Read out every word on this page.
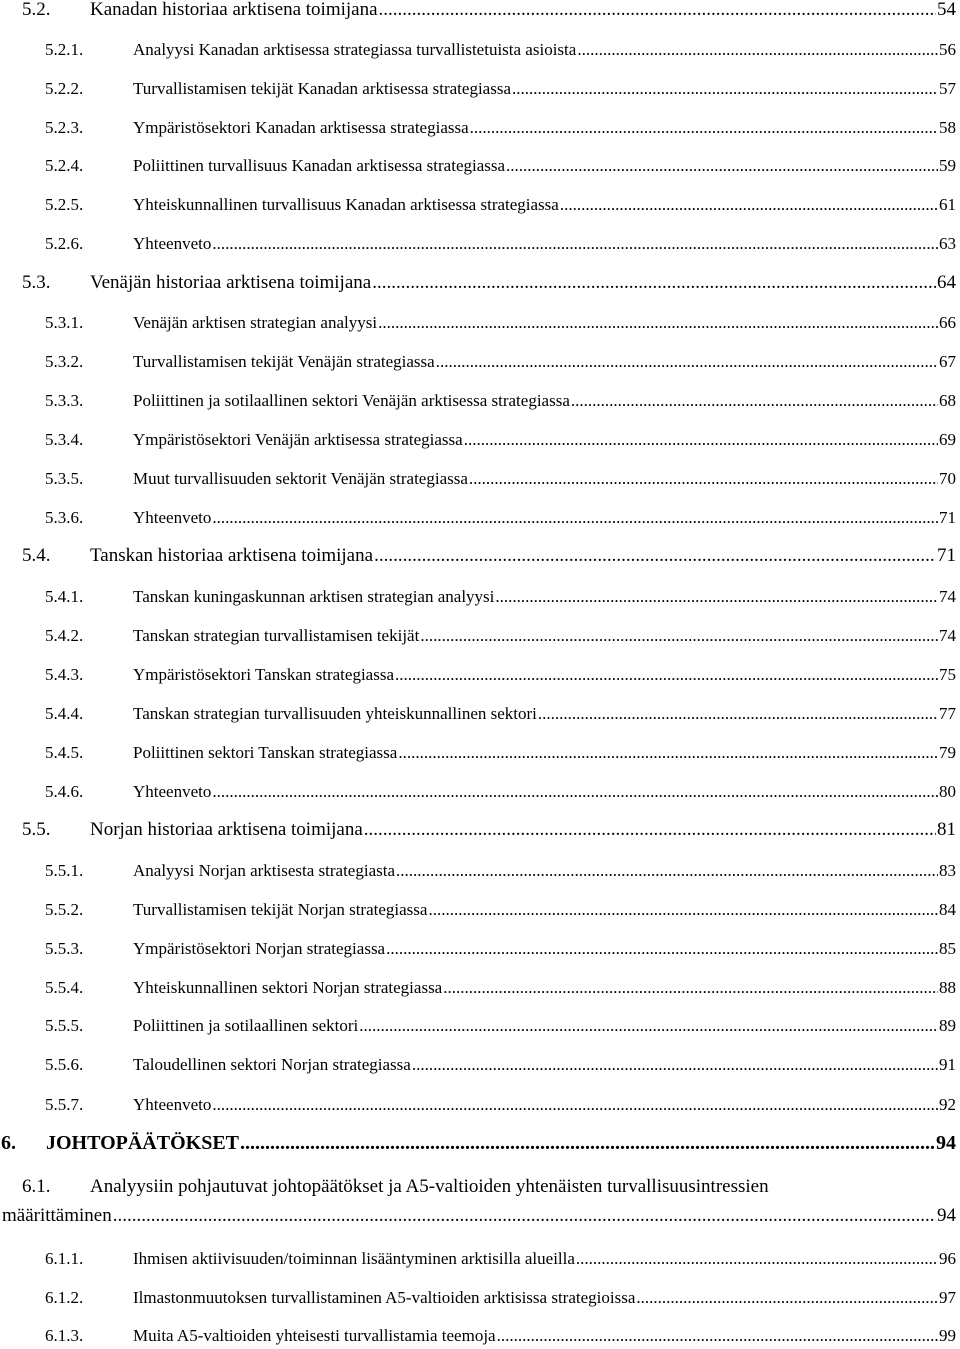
5.2.	Kanadan historiaa arktisena toimijana .....	54
5.2.1.	Analyysi Kanadan arktisessa strategiassa turvallistetuista asioista .....	56
5.2.2.	Turvallistamisen tekijät Kanadan arktisessa strategiassa .....	57
5.2.3.	Ympäristösektori Kanadan arktisessa strategiassa .....	58
5.2.4.	Poliittinen turvallisuus Kanadan arktisessa strategiassa .....	59
5.2.5.	Yhteiskunnallinen turvallisuus Kanadan arktisessa strategiassa .....	61
5.2.6.	Yhteenveto .....	63
5.3.	Venäjän historiaa arktisena toimijana .....	64
5.3.1.	Venäjän arktisen strategian analyysi .....	66
5.3.2.	Turvallistamisen tekijät Venäjän strategiassa .....	67
5.3.3.	Poliittinen ja sotilaallinen sektori Venäjän arktisessa strategiassa .....	68
5.3.4.	Ympäristösektori Venäjän arktisessa strategiassa .....	69
5.3.5.	Muut turvallisuuden sektorit Venäjän strategiassa .....	70
5.3.6.	Yhteenveto .....	71
5.4.	Tanskan historiaa arktisena toimijana .....	71
5.4.1.	Tanskan kuningaskunnan arktisen strategian analyysi .....	74
5.4.2.	Tanskan strategian turvallistamisen tekijät .....	74
5.4.3.	Ympäristösektori Tanskan strategiassa .....	75
5.4.4.	Tanskan strategian turvallisuuden yhteiskunnallinen sektori .....	77
5.4.5.	Poliittinen sektori Tanskan strategiassa .....	79
5.4.6.	Yhteenveto .....	80
5.5.	Norjan historiaa arktisena toimijana .....	81
5.5.1.	Analyysi Norjan arktisesta strategiasta .....	83
5.5.2.	Turvallistamisen tekijät Norjan strategiassa .....	84
5.5.3.	Ympäristösektori Norjan strategiassa .....	85
5.5.4.	Yhteiskunnallinen sektori Norjan strategiassa .....	88
5.5.5.	Poliittinen ja sotilaallinen sektori .....	89
5.5.6.	Taloudellinen sektori Norjan strategiassa .....	91
5.5.7.	Yhteenveto .....	92
6.	JOHTOPÄÄTÖKSET .....	94
6.1.	Analyysiin pohjautuvat johtopäätökset ja A5-valtioiden yhtenäisten turvallisuusintressien
määrittäminen .....	94
6.1.1.	Ihmisen aktiivisuuden/toiminnan lisääntyminen arktisilla alueilla .....	96
6.1.2.	Ilmastonmuutoksen turvallistaminen A5-valtioiden arktisissa strategioissa .....	97
6.1.3.	Muita A5-valtioiden yhteisesti turvallistamia teemoja .....	99
